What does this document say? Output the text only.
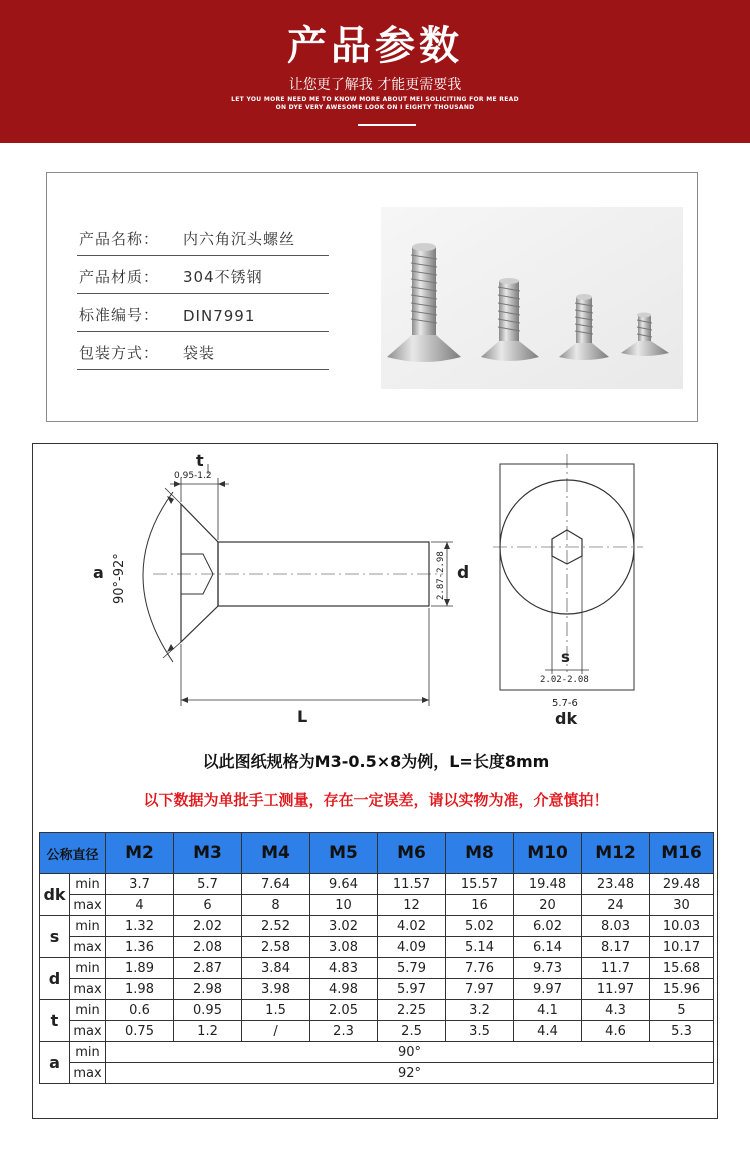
产品参数
让您更了解我 才能更需要我
LET YOU MORE NEED ME TO KNOW MORE ABOUT MEI SOLICITING FOR ME READ
ON DYE VERY AWESOME LOOK ON I EIGHTY THOUSAND
产品名称： 内六角沉头螺丝
产品材质： 304不锈钢
标准编号： DIN7991
包装方式： 袋装
t
0.95-1.2
a 90°-92°	d
2.87-2.98
L
s
2.02-2.08
5.7-6
dk
以此图纸规格为M3-0.5×8为例，L=长度8mm
以下数据为单批手工测量，存在一定误差，请以实物为准，介意慎拍！
公称直径		M2	M3	M4	M5	M6	M8	M10	M12	M16
dk	min	3.7	5.7	7.64	9.64	11.57	15.57	19.48	23.48	29.48
	max	4	6	8	10	12	16	20	24	30
s	min	1.32	2.02	2.52	3.02	4.02	5.02	6.02	8.03	10.03
	max	1.36	2.08	2.58	3.08	4.09	5.14	6.14	8.17	10.17
d	min	1.89	2.87	3.84	4.83	5.79	7.76	9.73	11.7	15.68
	max	1.98	2.98	3.98	4.98	5.97	7.97	9.97	11.97	15.96
t	min	0.6	0.95	1.5	2.05	2.25	3.2	4.1	4.3	5
	max	0.75	1.2	/	2.3	2.5	3.5	4.4	4.6	5.3
a	min	90°								
	max	92°								
